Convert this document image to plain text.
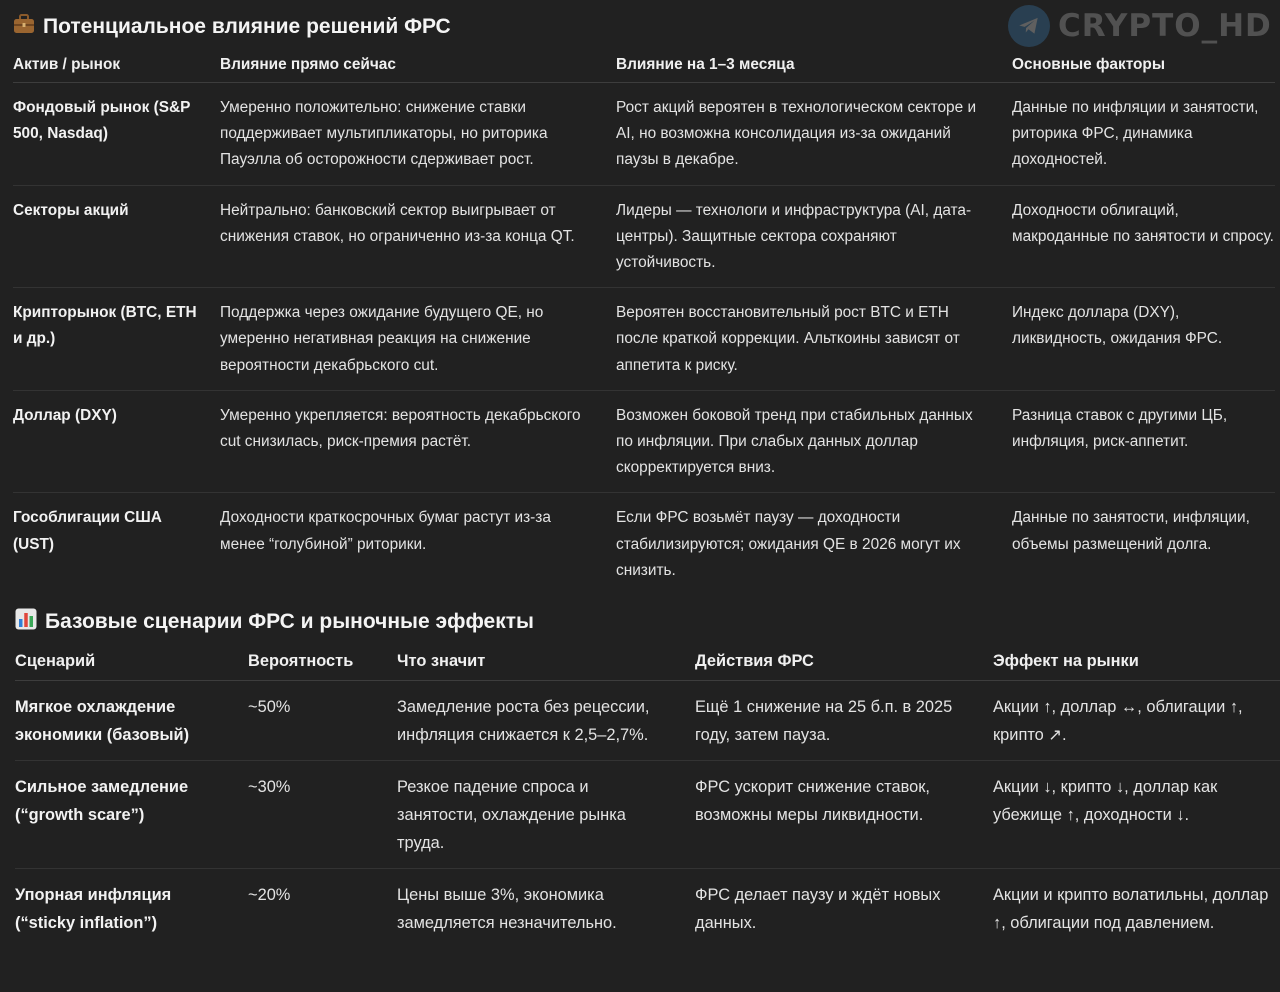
CRYPTO_HD
Потенциальное влияние решений ФРС
Актив / рынок	Влияние прямо сейчас	Влияние на 1–3 месяца	Основные факторы

Фондовый рынок (S&P 500, Nasdaq)	Умеренно положительно: снижение ставки поддерживает мультипликаторы, но риторика Пауэлла об осторожности сдерживает рост.	Рост акций вероятен в технологическом секторе и AI, но возможна консолидация из-за ожиданий паузы в декабре.	Данные по инфляции и занятости, риторика ФРС, динамика доходностей.

Секторы акций	Нейтрально: банковский сектор выигрывает от снижения ставок, но ограниченно из-за конца QT.	Лидеры — технологи и инфраструктура (AI, дата-центры). Защитные сектора сохраняют устойчивость.	Доходности облигаций, макроданные по занятости и спросу.

Крипторынок (BTC, ETH и др.)	Поддержка через ожидание будущего QE, но умеренно негативная реакция на снижение вероятности декабрьского cut.	Вероятен восстановительный рост BTC и ETH после краткой коррекции. Альткоины зависят от аппетита к риску.	Индекс доллара (DXY), ликвидность, ожидания ФРС.

Доллар (DXY)	Умеренно укрепляется: вероятность декабрьского cut снизилась, риск-премия растёт.	Возможен боковой тренд при стабильных данных по инфляции. При слабых данных доллар скорректируется вниз.	Разница ставок с другими ЦБ, инфляция, риск-аппетит.

Гособлигации США (UST)	Доходности краткосрочных бумаг растут из-за менее “голубиной” риторики.	Если ФРС возьмёт паузу — доходности стабилизируются; ожидания QE в 2026 могут их снизить.	Данные по занятости, инфляции, объемы размещений долга.
Базовые сценарии ФРС и рыночные эффекты
Сценарий	Вероятность	Что значит	Действия ФРС	Эффект на рынки

Мягкое охлаждение экономики (базовый)	~50%	Замедление роста без рецессии, инфляция снижается к 2,5–2,7%.	Ещё 1 снижение на 25 б.п. в 2025 году, затем пауза.	Акции ↑, доллар ↔, облигации ↑, крипто ↗.

Сильное замедление (“growth scare”)	~30%	Резкое падение спроса и занятости, охлаждение рынка труда.	ФРС ускорит снижение ставок, возможны меры ликвидности.	Акции ↓, крипто ↓, доллар как убежище ↑, доходности ↓.

Упорная инфляция (“sticky inflation”)	~20%	Цены выше 3%, экономика замедляется незначительно.	ФРС делает паузу и ждёт новых данных.	Акции и крипто волатильны, доллар ↑, облигации под давлением.
